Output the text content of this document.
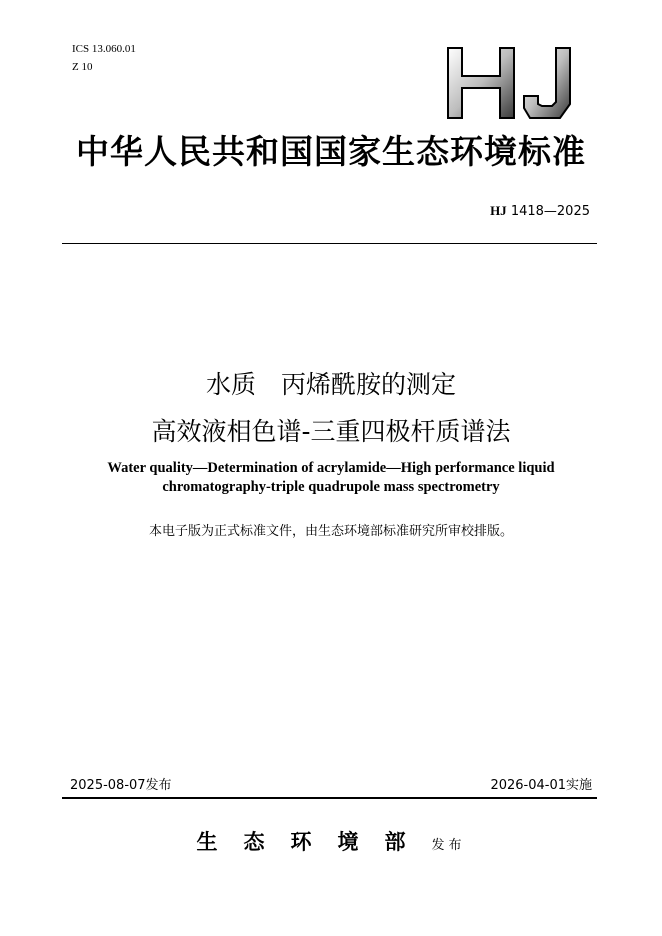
ICS 13.060.01
Z 10
中华人民共和国国家生态环境标准
HJ 1418—2025
水质　丙烯酰胺的测定
高效液相色谱-三重四极杆质谱法
Water quality—Determination of acrylamide—High performance liquid
chromatography-triple quadrupole mass spectrometry
本电子版为正式标准文件，由生态环境部标准研究所审校排版。
2025-08-07发布	2026-04-01实施
生态环境部发布
